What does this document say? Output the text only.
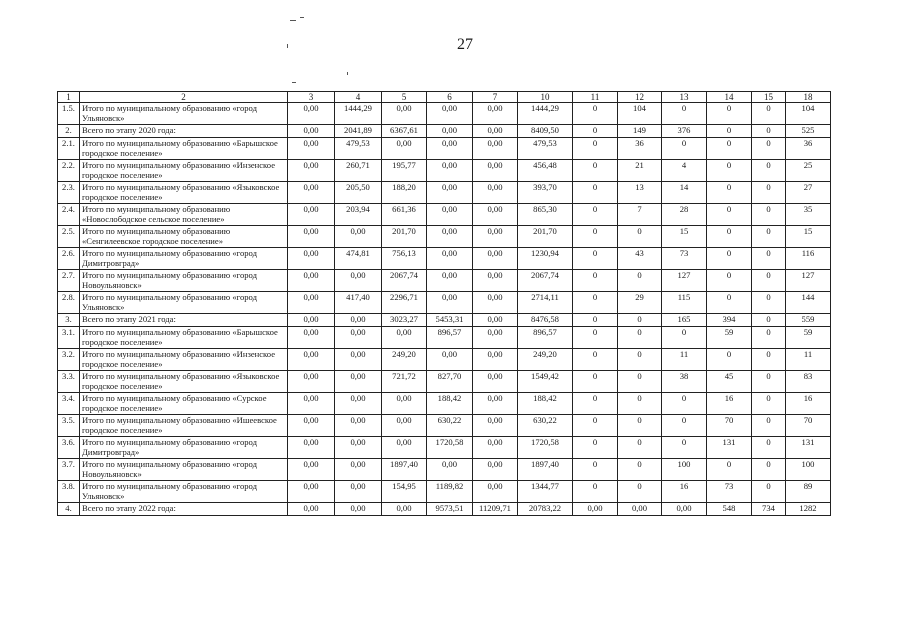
27
1	2	3	4	5	6	7	10	11	12	13	14	15	18
1.5.	Итого по муниципальному образованию «город Ульяновск»	0,00	1444,29	0,00	0,00	0,00	1444,29	0	104	0	0	0	104
2.	Всего по этапу 2020 года:	0,00	2041,89	6367,61	0,00	0,00	8409,50	0	149	376	0	0	525
2.1.	Итого по муниципальному образованию «Барышское городское поселение»	0,00	479,53	0,00	0,00	0,00	479,53	0	36	0	0	0	36
2.2.	Итого по муниципальному образованию «Инзенское городское поселение»	0,00	260,71	195,77	0,00	0,00	456,48	0	21	4	0	0	25
2.3.	Итого по муниципальному образованию «Языковское городское поселение»	0,00	205,50	188,20	0,00	0,00	393,70	0	13	14	0	0	27
2.4.	Итого по муниципальному образованию «Новослободское сельское поселение»	0,00	203,94	661,36	0,00	0,00	865,30	0	7	28	0	0	35
2.5.	Итого по муниципальному образованию «Сенгилеевское городское поселение»	0,00	0,00	201,70	0,00	0,00	201,70	0	0	15	0	0	15
2.6.	Итого по муниципальному образованию «город Димитровград»	0,00	474,81	756,13	0,00	0,00	1230,94	0	43	73	0	0	116
2.7.	Итого по муниципальному образованию «город Новоульяновск»	0,00	0,00	2067,74	0,00	0,00	2067,74	0	0	127	0	0	127
2.8.	Итого по муниципальному образованию «город Ульяновск»	0,00	417,40	2296,71	0,00	0,00	2714,11	0	29	115	0	0	144
3.	Всего по этапу 2021 года:	0,00	0,00	3023,27	5453,31	0,00	8476,58	0	0	165	394	0	559
3.1.	Итого по муниципальному образованию «Барышское городское поселение»	0,00	0,00	0,00	896,57	0,00	896,57	0	0	0	59	0	59
3.2.	Итого по муниципальному образованию «Инзенское городское поселение»	0,00	0,00	249,20	0,00	0,00	249,20	0	0	11	0	0	11
3.3.	Итого по муниципальному образованию «Языковское городское поселение»	0,00	0,00	721,72	827,70	0,00	1549,42	0	0	38	45	0	83
3.4.	Итого по муниципальному образованию «Сурское городское поселение»	0,00	0,00	0,00	188,42	0,00	188,42	0	0	0	16	0	16
3.5.	Итого по муниципальному образованию «Ишеевское городское поселение»	0,00	0,00	0,00	630,22	0,00	630,22	0	0	0	70	0	70
3.6.	Итого по муниципальному образованию «город Димитровград»	0,00	0,00	0,00	1720,58	0,00	1720,58	0	0	0	131	0	131
3.7.	Итого по муниципальному образованию «город Новоульяновск»	0,00	0,00	1897,40	0,00	0,00	1897,40	0	0	100	0	0	100
3.8.	Итого по муниципальному образованию «город Ульяновск»	0,00	0,00	154,95	1189,82	0,00	1344,77	0	0	16	73	0	89
4.	Всего по этапу 2022 года:	0,00	0,00	0,00	9573,51	11209,71	20783,22	0,00	0,00	0,00	548	734	1282
